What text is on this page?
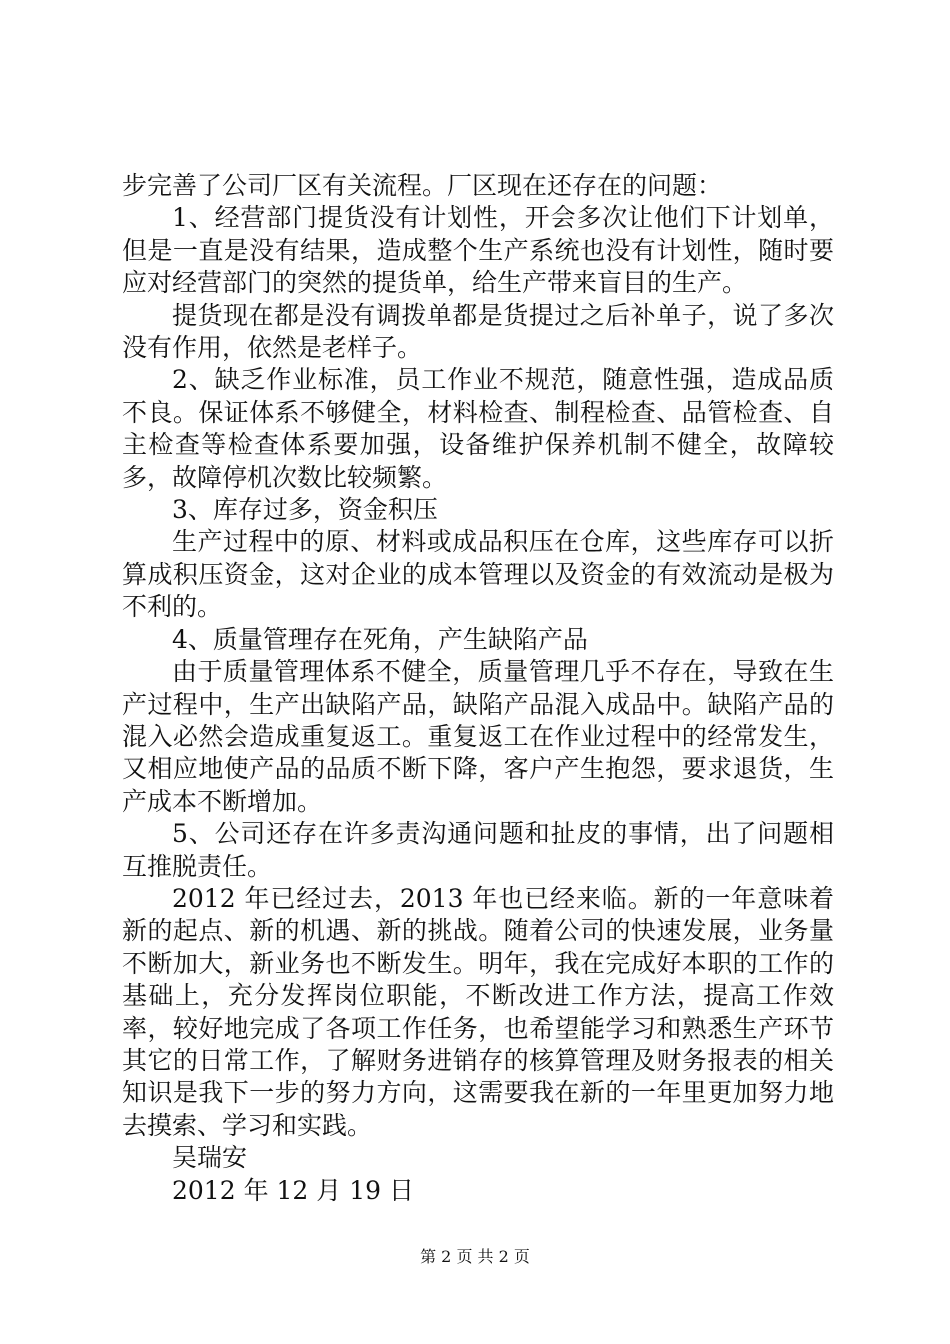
步完善了公司厂区有关流程。厂区现在还存在的问题：

1、经营部门提货没有计划性，开会多次让他们下计划单，但是一直是没有结果，造成整个生产系统也没有计划性，随时要应对经营部门的突然的提货单，给生产带来盲目的生产。

提货现在都是没有调拨单都是货提过之后补单子，说了多次没有作用，依然是老样子。

2、缺乏作业标准，员工作业不规范，随意性强，造成品质不良。保证体系不够健全，材料检查、制程检查、品管检查、自主检查等检查体系要加强，设备维护保养机制不健全，故障较多，故障停机次数比较频繁。

3、库存过多，资金积压

生产过程中的原、材料或成品积压在仓库，这些库存可以折算成积压资金，这对企业的成本管理以及资金的有效流动是极为不利的。

4、质量管理存在死角，产生缺陷产品

由于质量管理体系不健全，质量管理几乎不存在，导致在生产过程中，生产出缺陷产品，缺陷产品混入成品中。缺陷产品的混入必然会造成重复返工。重复返工在作业过程中的经常发生，又相应地使产品的品质不断下降，客户产生抱怨，要求退货，生产成本不断增加。

5、公司还存在许多责沟通问题和扯皮的事情，出了问题相互推脱责任。

2012 年已经过去，2013 年也已经来临。新的一年意味着新的起点、新的机遇、新的挑战。随着公司的快速发展，业务量不断加大，新业务也不断发生。明年，我在完成好本职的工作的基础上，充分发挥岗位职能，不断改进工作方法，提高工作效率，较好地完成了各项工作任务，也希望能学习和熟悉生产环节其它的日常工作，了解财务进销存的核算管理及财务报表的相关知识是我下一步的努力方向，这需要我在新的一年里更加努力地去摸索、学习和实践。

吴瑞安

2012 年 12 月 19 日

第 2 页 共 2 页
